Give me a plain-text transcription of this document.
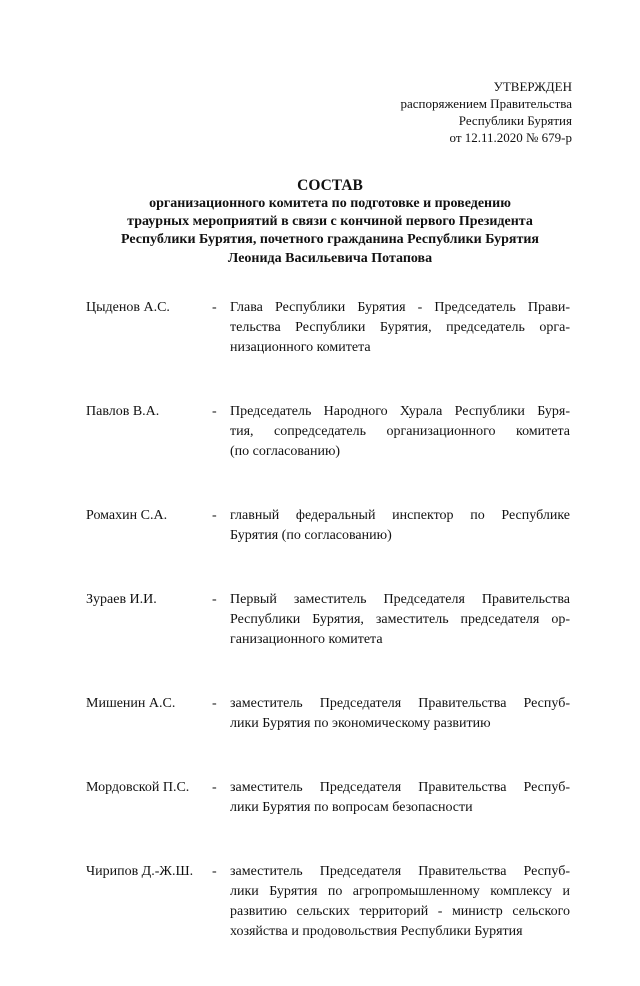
УТВЕРЖДЕН
распоряжением Правительства
Республики Бурятия
от 12.11.2020 № 679-р
СОСТАВ
организационного комитета по подготовке и проведению
траурных мероприятий в связи с кончиной первого Президента
Республики Бурятия, почетного гражданина Республики Бурятия
Леонида Васильевича Потапова
Цыденов А.С.	- Глава Республики Бурятия - Председатель Прави-
тельства Республики Бурятия, председатель орга-
низационного комитета
Павлов В.А.	- Председатель Народного Хурала Республики Буря-
тия, сопредседатель организационного комитета
(по согласованию)
Ромахин С.А.	- главный федеральный инспектор по Республике
Бурятия (по согласованию)
Зураев И.И.	- Первый заместитель Председателя Правительства
Республики Бурятия, заместитель председателя ор-
ганизационного комитета
Мишенин А.С.	- заместитель Председателя Правительства Респуб-
лики Бурятия по экономическому развитию
Мордовской П.С.	- заместитель Председателя Правительства Респуб-
лики Бурятия по вопросам безопасности
Чирипов Д.-Ж.Ш.	- заместитель Председателя Правительства Респуб-
лики Бурятия по агропромышленному комплексу и
развитию сельских территорий - министр сельского
хозяйства и продовольствия Республики Бурятия
